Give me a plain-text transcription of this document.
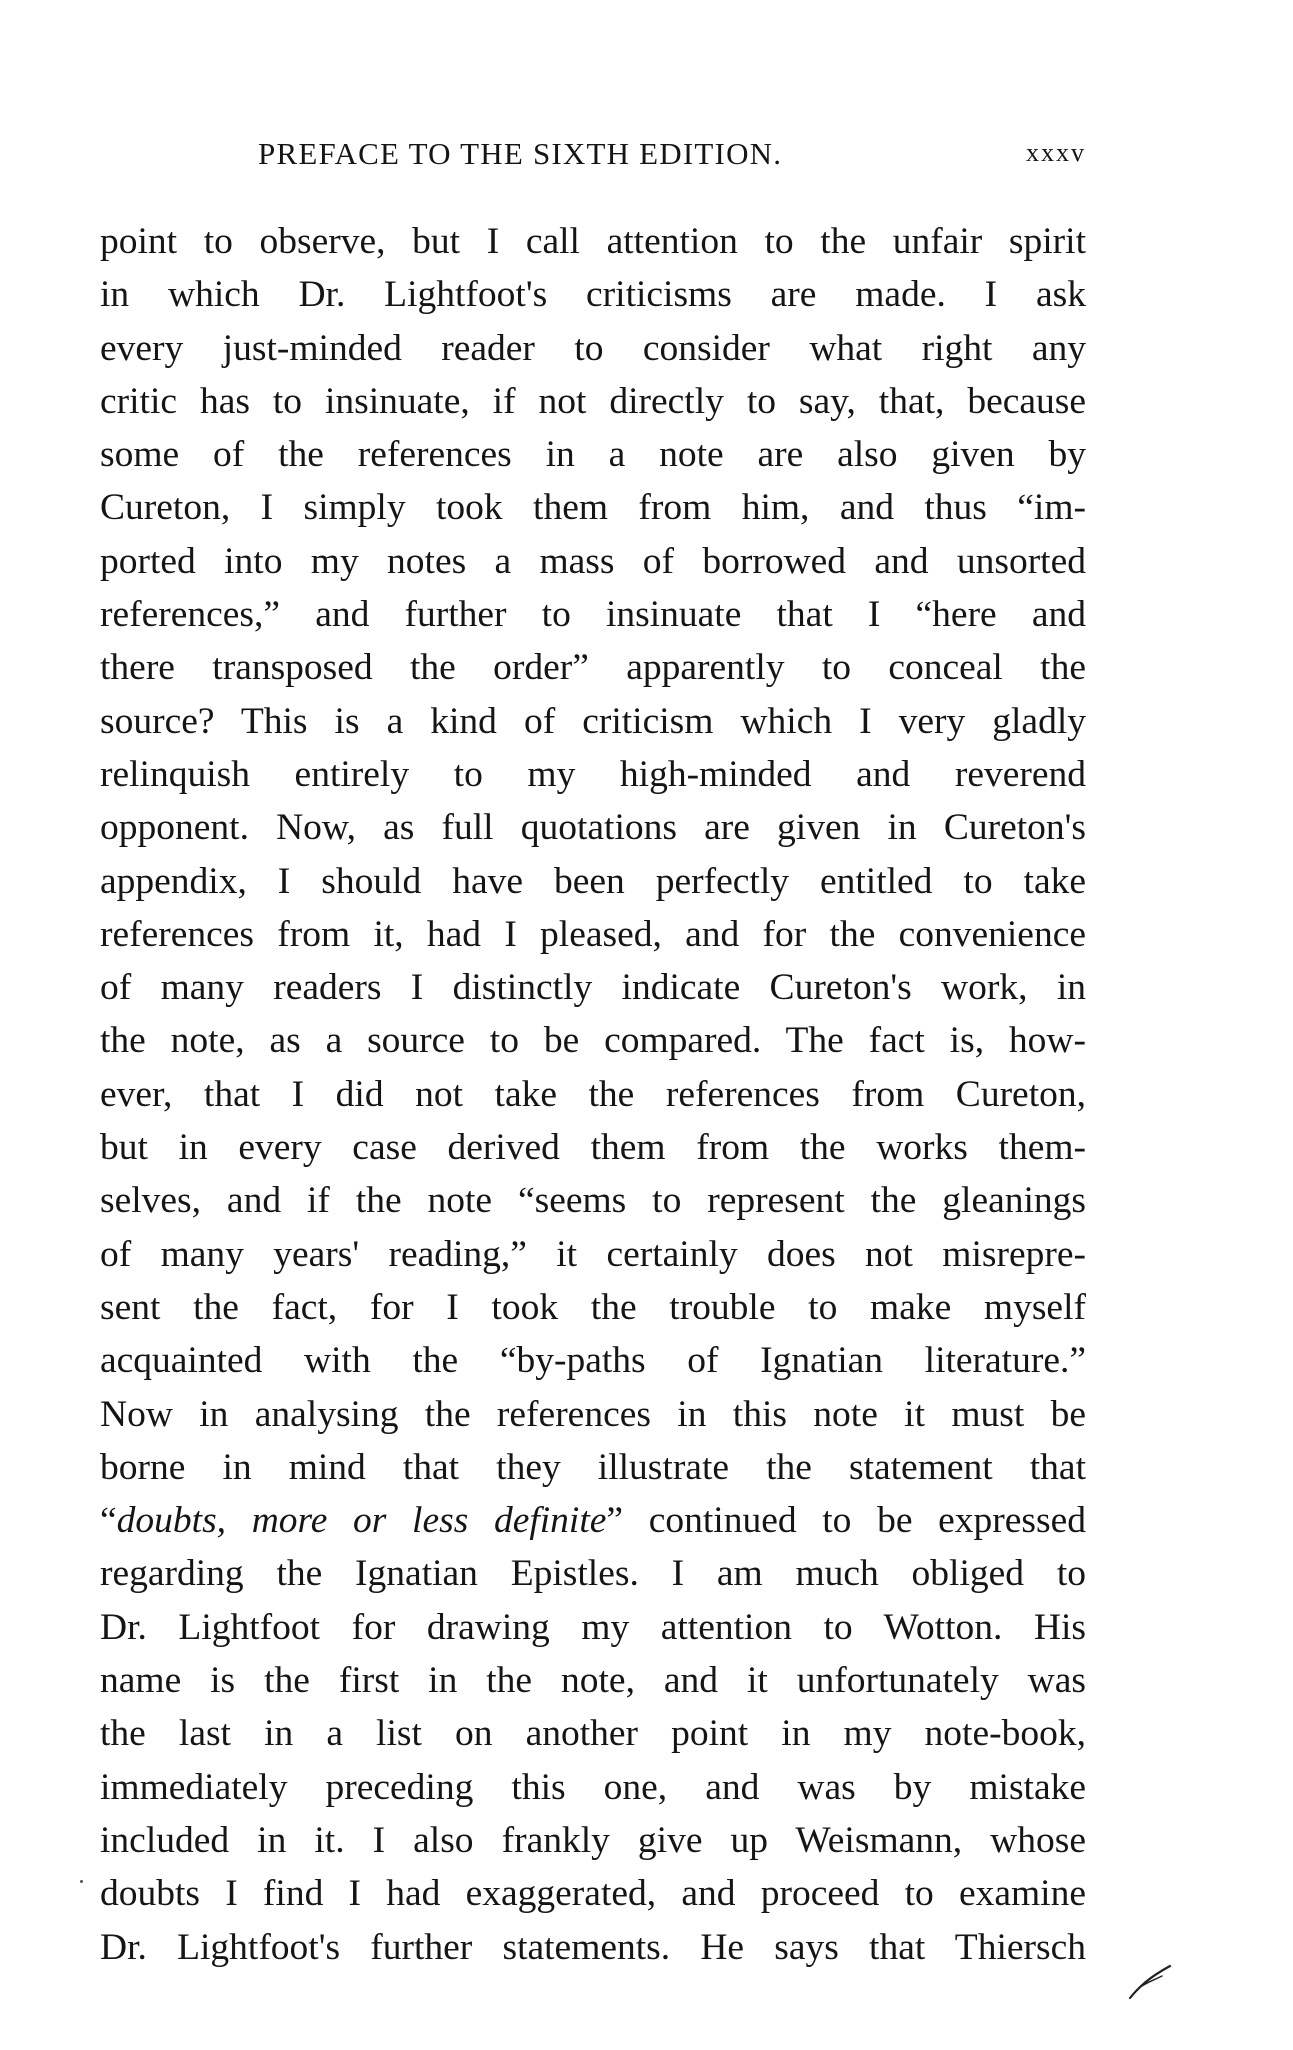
PREFACE TO THE SIXTH EDITION.	xxxv
point to observe, but I call attention to the unfair spirit
in which Dr. Lightfoot's criticisms are made. I ask
every just-minded reader to consider what right any
critic has to insinuate, if not directly to say, that, because
some of the references in a note are also given by
Cureton, I simply took them from him, and thus “im-
ported into my notes a mass of borrowed and unsorted
references,” and further to insinuate that I “here and
there transposed the order” apparently to conceal the
source? This is a kind of criticism which I very gladly
relinquish entirely to my high-minded and reverend
opponent. Now, as full quotations are given in Cureton's
appendix, I should have been perfectly entitled to take
references from it, had I pleased, and for the convenience
of many readers I distinctly indicate Cureton's work, in
the note, as a source to be compared. The fact is, how-
ever, that I did not take the references from Cureton,
but in every case derived them from the works them-
selves, and if the note “seems to represent the gleanings
of many years' reading,” it certainly does not misrepre-
sent the fact, for I took the trouble to make myself
acquainted with the “by-paths of Ignatian literature.”
Now in analysing the references in this note it must be
borne in mind that they illustrate the statement that
“doubts, more or less definite” continued to be expressed
regarding the Ignatian Epistles. I am much obliged to
Dr. Lightfoot for drawing my attention to Wotton. His
name is the first in the note, and it unfortunately was
the last in a list on another point in my note-book,
immediately preceding this one, and was by mistake
included in it. I also frankly give up Weismann, whose
doubts I find I had exaggerated, and proceed to examine
Dr. Lightfoot's further statements. He says that Thiersch
